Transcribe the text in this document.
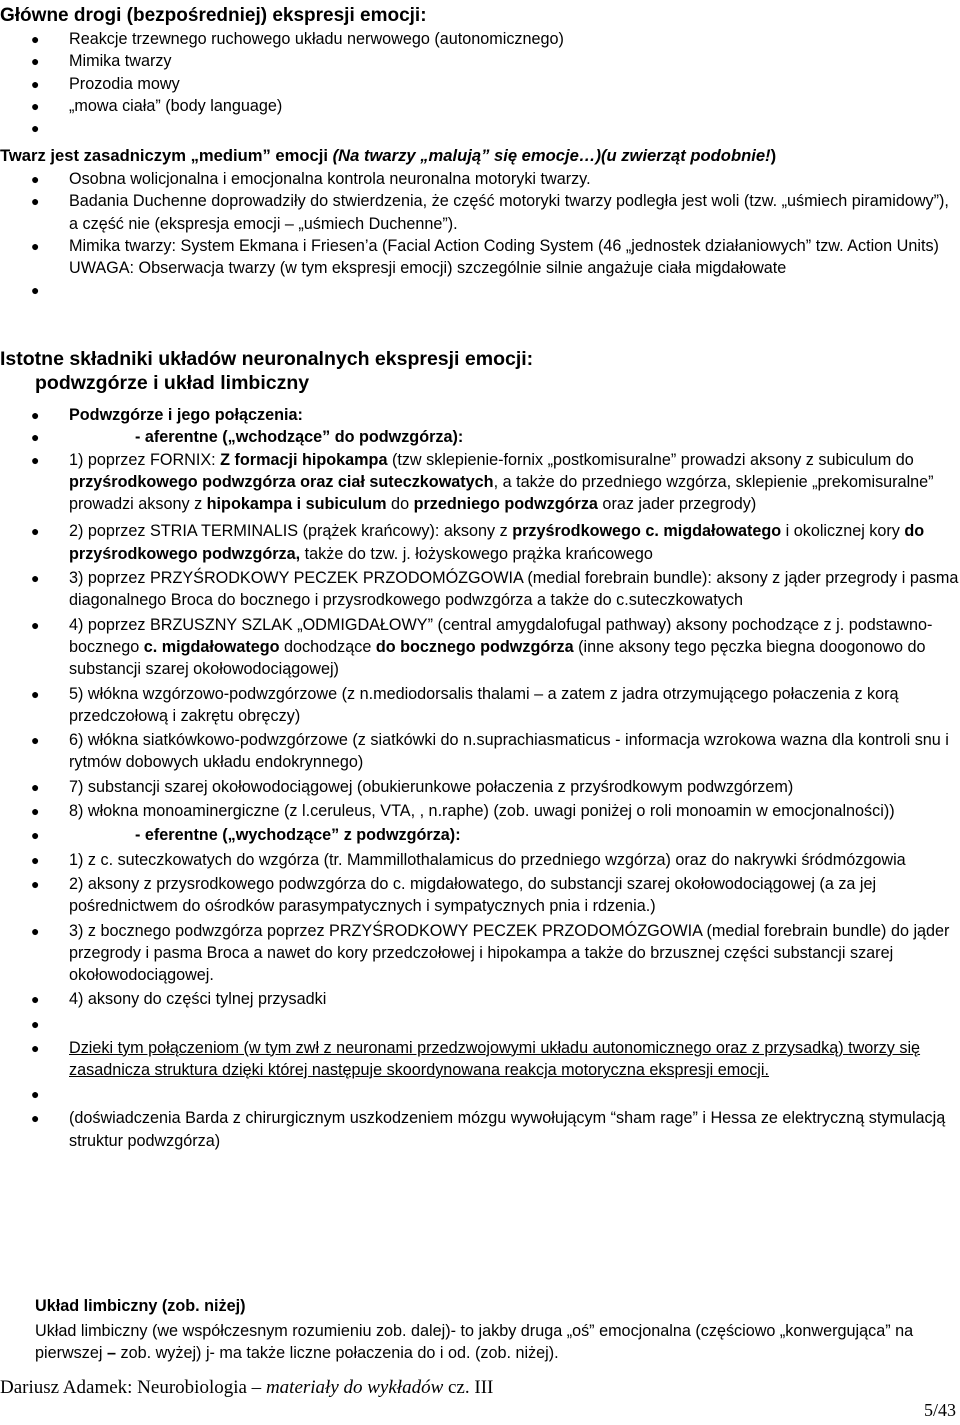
Główne drogi (bezpośredniej) ekspresji emocji:
● Reakcje trzewnego ruchowego układu nerwowego (autonomicznego)
● Mimika twarzy
● Prozodia mowy
● „mowa ciała” (body language)
●
Twarz jest zasadniczym „medium” emocji (Na twarzy „malują” się emocje…)(u zwierząt podobnie!)
● Osobna wolicjonalna i emocjonalna kontrola neuronalna motoryki twarzy.
● Badania Duchenne doprowadziły do stwierdzenia, że część motoryki twarzy podległa jest woli (tzw. „uśmiech piramidowy”), a część nie (ekspresja emocji – „uśmiech Duchenne”).
● Mimika twarzy: System Ekmana i Friesen’a (Facial Action Coding System (46 „jednostek działaniowych” tzw. Action Units) UWAGA: Obserwacja twarzy (w tym ekspresji emocji) szczególnie silnie angażuje ciała migdałowate
●
Istotne składniki układów neuronalnych ekspresji emocji:
podwzgórze i układ limbiczny
● Podwzgórze i jego połączenia:
●	- aferentne („wchodzące” do podwzgórza):
● 1) poprzez FORNIX: Z formacji hipokampa (tzw sklepienie-fornix „postkomisuralne” prowadzi aksony z subiculum do przyśrodkowego podwzgórza oraz ciał suteczkowatych, a także do przedniego wzgórza, sklepienie „prekomisuralne” prowadzi aksony z hipokampa i subiculum do przedniego podwzgórza oraz jader przegrody)
● 2) poprzez STRIA TERMINALIS (prążek krańcowy): aksony z przyśrodkowego c. migdałowatego i okolicznej kory do przyśrodkowego podwzgórza, także do tzw. j. łożyskowego prążka krańcowego
● 3) poprzez PRZYŚRODKOWY PECZEK PRZODOMÓZGOWIA (medial forebrain bundle): aksony z jąder przegrody i pasma diagonalnego Broca do bocznego i przysrodkowego podwzgórza a także do c.suteczkowatych
● 4) poprzez BRZUSZNY SZLAK „ODMIGDAŁOWY” (central amygdalofugal pathway) aksony pochodzące z j. podstawno-bocznego c. migdałowatego dochodzące do bocznego podwzgórza (inne aksony tego pęczka biegna doogonowo do substancji szarej okołowodociągowej)
● 5) włókna wzgórzowo-podwzgórzowe (z n.mediodorsalis thalami – a zatem z jadra otrzymującego połaczenia z korą przedczołową i zakrętu obręczy)
● 6) włókna siatkówkowo-podwzgórzowe (z siatkówki do n.suprachiasmaticus - informacja wzrokowa wazna dla kontroli snu i rytmów dobowych układu endokrynnego)
● 7) substancji szarej okołowodociągowej (obukierunkowe połaczenia z przyśrodkowym podwzgórzem)
● 8) włokna monoaminergiczne (z l.ceruleus, VTA, , n.raphe) (zob. uwagi poniżej o roli monoamin w emocjonalności))
●	- eferentne („wychodzące” z podwzgórza):
● 1) z c. suteczkowatych do wzgórza (tr. Mammillothalamicus do przedniego wzgórza) oraz do nakrywki śródmózgowia
● 2) aksony z przysrodkowego podwzgórza do c. migdałowatego, do substancji szarej okołowodociągowej (a za jej pośrednictwem do ośrodków parasympatycznych i sympatycznych pnia i rdzenia.)
● 3) z bocznego podwzgórza poprzez PRZYŚRODKOWY PECZEK PRZODOMÓZGOWIA (medial forebrain bundle) do jąder przegrody i pasma Broca a nawet do kory przedczołowej i hipokampa a także do brzusznej części substancji szarej okołowodociągowej.
● 4) aksony do części tylnej przysadki
●
● Dzieki tym połączeniom (w tym zwł z neuronami przedzwojowymi układu autonomicznego oraz z przysadką) tworzy się zasadnicza struktura dzięki której następuje skoordynowana reakcja motoryczna ekspresji emocji.
●
● (doświadczenia Barda z chirurgicznym uszkodzeniem mózgu wywołującym “sham rage” i Hessa ze elektryczną stymulacją struktur podwzgórza)
Układ limbiczny (zob. niżej)
Układ limbiczny (we współczesnym rozumieniu zob. dalej)- to jakby druga „oś” emocjonalna (częściowo „konwergująca” na pierwszej – zob. wyżej) j- ma także liczne połaczenia do i od. (zob. niżej).
Dariusz Adamek: Neurobiologia – materiały do wykładów cz. III
5/43
